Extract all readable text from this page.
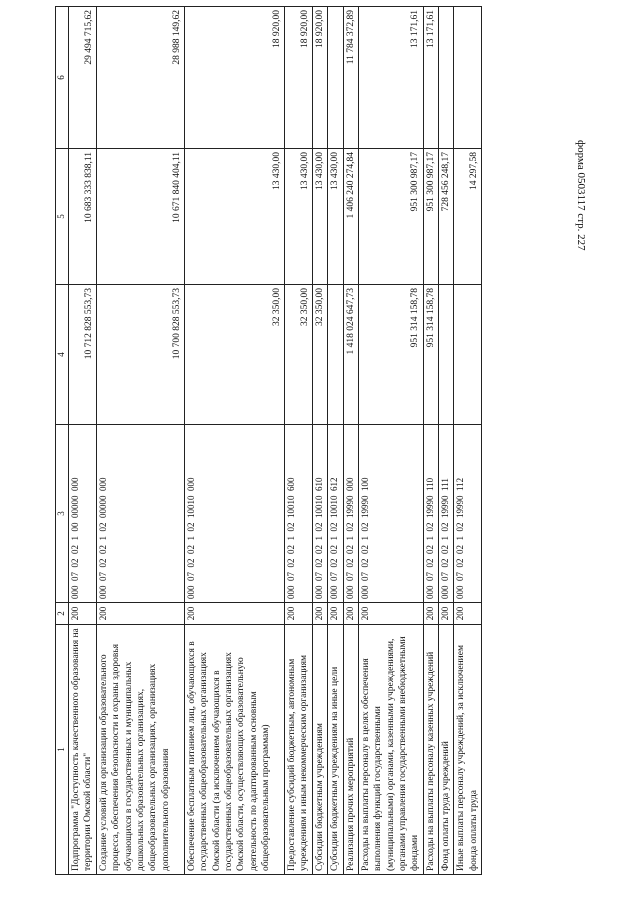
форма 0503117 стр. 227
1	2	3	4	5	6
Подпрограмма "Доступность качественного образования на территории Омской области"	200	000  07  02  02  1  00  00000  000	10 712 828 553,73	10 683 333 838,11	29 494 715,62
Создание условий для организации образовательного процесса, обеспечения безопасности и охраны здоровья обучающихся в государственных и муниципальных дошкольных образовательных организациях, общеобразовательных организациях, организациях дополнительного образования	200	000  07  02  02  1  02  00000  000	10 700 828 553,73	10 671 840 404,11	28 988 149,62
Обеспечение бесплатным питанием лиц, обучающихся в государственных общеобразовательных организациях Омской области (за исключением обучающихся в государственных общеобразовательных организациях Омской области, осуществляющих образовательную деятельность по адаптированным основным общеобразовательным программам)	200	000  07  02  02  1  02  10010  000	32 350,00	13 430,00	18 920,00
Предоставление субсидий бюджетным, автономным учреждениям и иным некоммерческим организациям	200	000  07  02  02  1  02  10010  600	32 350,00	13 430,00	18 920,00
Субсидии бюджетным учреждениям	200	000  07  02  02  1  02  10010  610	32 350,00	13 430,00	18 920,00
Субсидии бюджетным учреждениям на иные цели	200	000  07  02  02  1  02  10010  612		13 430,00	
Реализация прочих мероприятий	200	000  07  02  02  1  02  19990  000	1 418 024 647,73	1 406 240 274,84	11 784 372,89
Расходы на выплаты персоналу в целях обеспечения выполнения функций государственными (муниципальными) органами, казенными учреждениями, органами управления государственными внебюджетными фондами	200	000  07  02  02  1  02  19990  100	951 314 158,78	951 300 987,17	13 171,61
Расходы на выплаты персоналу казенных учреждений	200	000  07  02  02  1  02  19990  110	951 314 158,78	951 300 987,17	13 171,61
Фонд оплаты труда учреждений	200	000  07  02  02  1  02  19990  111		728 456 248,17	
Иные выплаты персоналу учреждений, за исключением фонда оплаты труда	200	000  07  02  02  1  02  19990  112		14 297,58	
